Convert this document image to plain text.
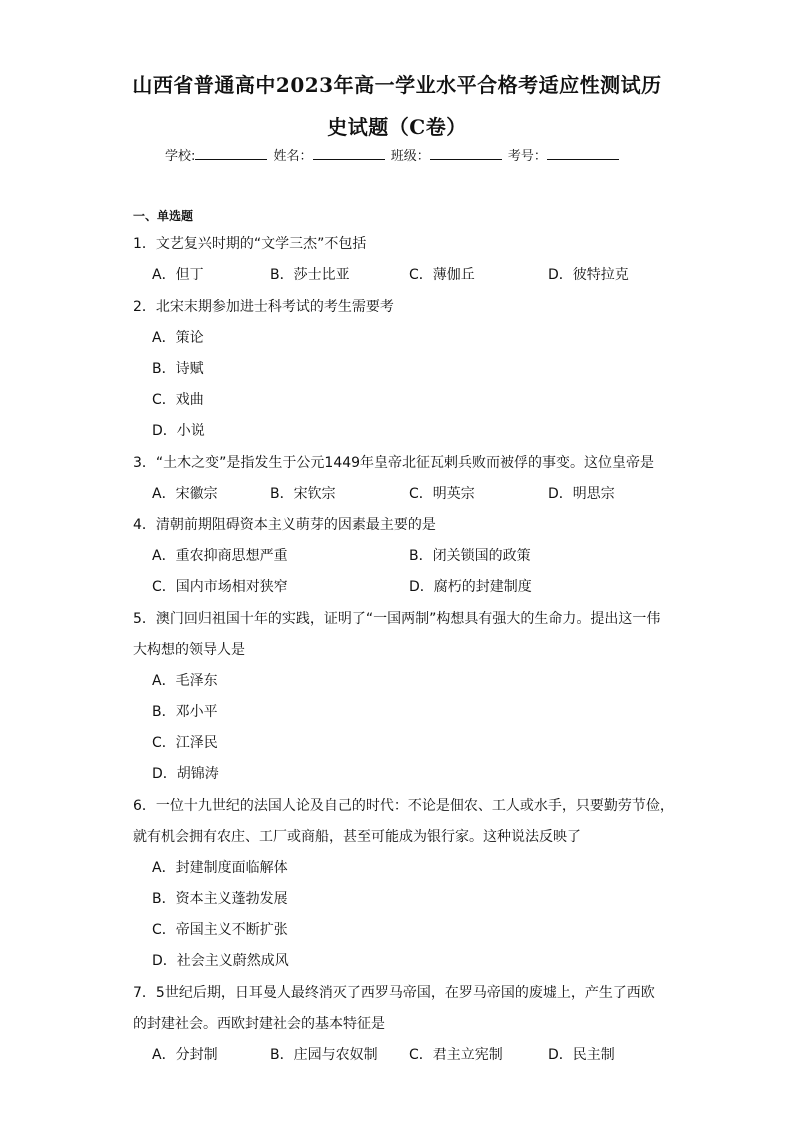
山西省普通高中2023年高一学业水平合格考适应性测试历
史试题（C卷）
学校:	姓名：	班级：	考号：
一、单选题
1．文艺复兴时期的“文学三杰”不包括
A．但丁	B．莎士比亚	C．薄伽丘	D．彼特拉克
2．北宋末期参加进士科考试的考生需要考
A．策论
B．诗赋
C．戏曲
D．小说
3．“土木之变”是指发生于公元1449年皇帝北征瓦剌兵败而被俘的事变。这位皇帝是
A．宋徽宗	B．宋钦宗	C．明英宗	D．明思宗
4．清朝前期阻碍资本主义萌芽的因素最主要的是
A．重农抑商思想严重	B．闭关锁国的政策
C．国内市场相对狭窄	D．腐朽的封建制度
5．澳门回归祖国十年的实践，证明了“一国两制”构想具有强大的生命力。提出这一伟
大构想的领导人是
A．毛泽东
B．邓小平
C．江泽民
D．胡锦涛
6．一位十九世纪的法国人论及自己的时代：不论是佃农、工人或水手，只要勤劳节俭，
就有机会拥有农庄、工厂或商船，甚至可能成为银行家。这种说法反映了
A．封建制度面临解体
B．资本主义蓬勃发展
C．帝国主义不断扩张
D．社会主义蔚然成风
7．5世纪后期，日耳曼人最终消灭了西罗马帝国，在罗马帝国的废墟上，产生了西欧
的封建社会。西欧封建社会的基本特征是
A．分封制	B．庄园与农奴制 C．君主立宪制	D．民主制
